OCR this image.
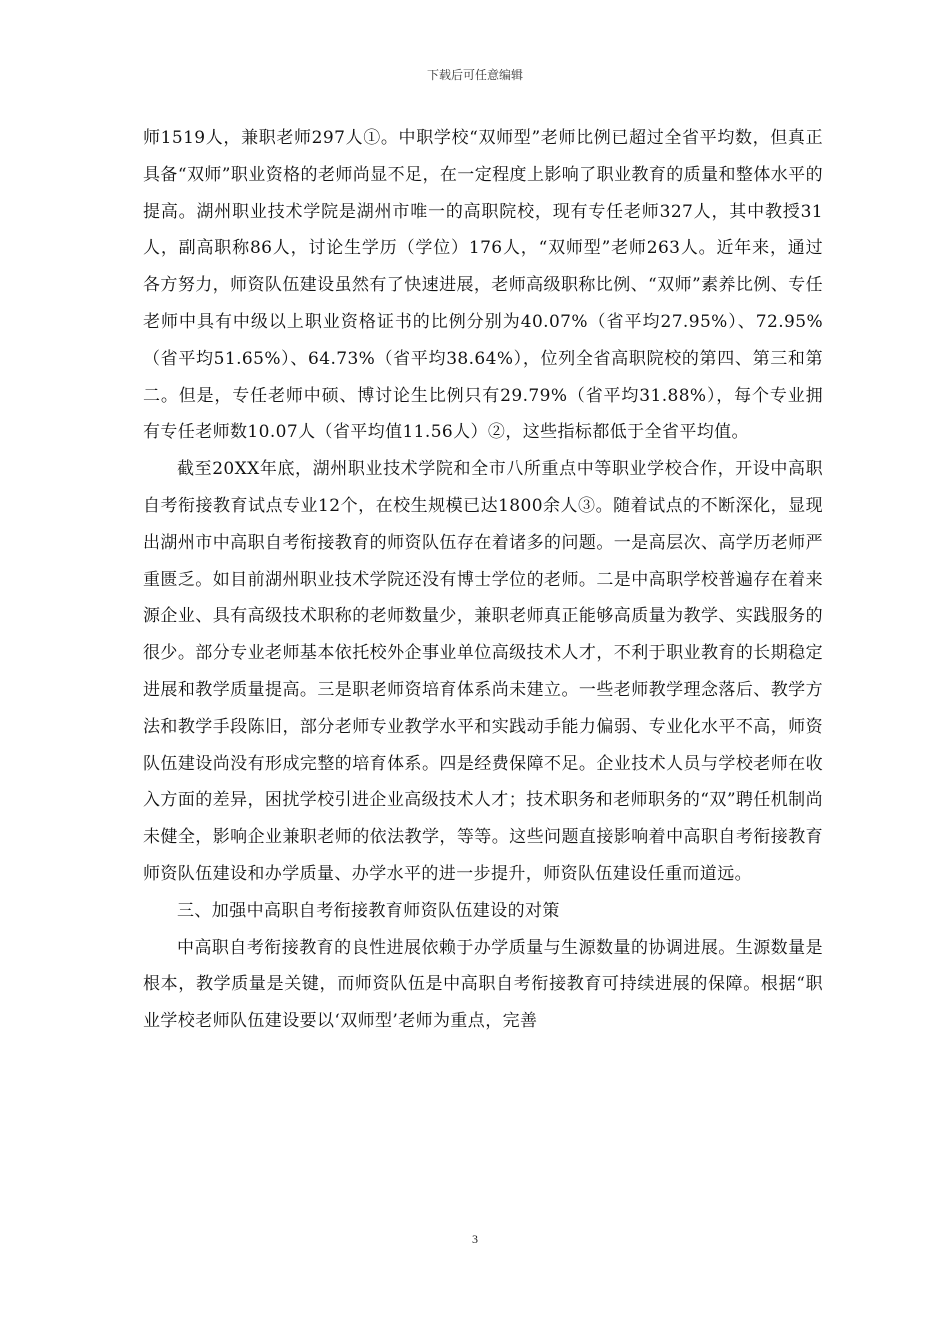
下载后可任意编辑

师1519人，兼职老师297人①。中职学校“双师型”老师比例已超过全省平均数，但真正具备“双师”职业资格的老师尚显不足，在一定程度上影响了职业教育的质量和整体水平的提高。湖州职业技术学院是湖州市唯一的高职院校，现有专任老师327人，其中教授31人，副高职称86人，讨论生学历（学位）176人，“双师型”老师263人。近年来，通过各方努力，师资队伍建设虽然有了快速进展，老师高级职称比例、“双师”素养比例、专任老师中具有中级以上职业资格证书的比例分别为40.07%（省平均27.95%）、72.95%（省平均51.65%）、64.73%（省平均38.64%），位列全省高职院校的第四、第三和第二。但是，专任老师中硕、博讨论生比例只有29.79%（省平均31.88%），每个专业拥有专任老师数10.07人（省平均值11.56人）②，这些指标都低于全省平均值。

截至20XX年底，湖州职业技术学院和全市八所重点中等职业学校合作，开设中高职自考衔接教育试点专业12个，在校生规模已达1800余人③。随着试点的不断深化，显现出湖州市中高职自考衔接教育的师资队伍存在着诸多的问题。一是高层次、高学历老师严重匮乏。如目前湖州职业技术学院还没有博士学位的老师。二是中高职学校普遍存在着来源企业、具有高级技术职称的老师数量少，兼职老师真正能够高质量为教学、实践服务的很少。部分专业老师基本依托校外企事业单位高级技术人才，不利于职业教育的长期稳定进展和教学质量提高。三是职老师资培育体系尚未建立。一些老师教学理念落后、教学方法和教学手段陈旧，部分老师专业教学水平和实践动手能力偏弱、专业化水平不高，师资队伍建设尚没有形成完整的培育体系。四是经费保障不足。企业技术人员与学校老师在收入方面的差异，困扰学校引进企业高级技术人才；技术职务和老师职务的“双”聘任机制尚未健全，影响企业兼职老师的依法教学，等等。这些问题直接影响着中高职自考衔接教育师资队伍建设和办学质量、办学水平的进一步提升，师资队伍建设任重而道远。

三、加强中高职自考衔接教育师资队伍建设的对策

中高职自考衔接教育的良性进展依赖于办学质量与生源数量的协调进展。生源数量是根本，教学质量是关键，而师资队伍是中高职自考衔接教育可持续进展的保障。根据“职业学校老师队伍建设要以‘双师型’老师为重点，完善

3
